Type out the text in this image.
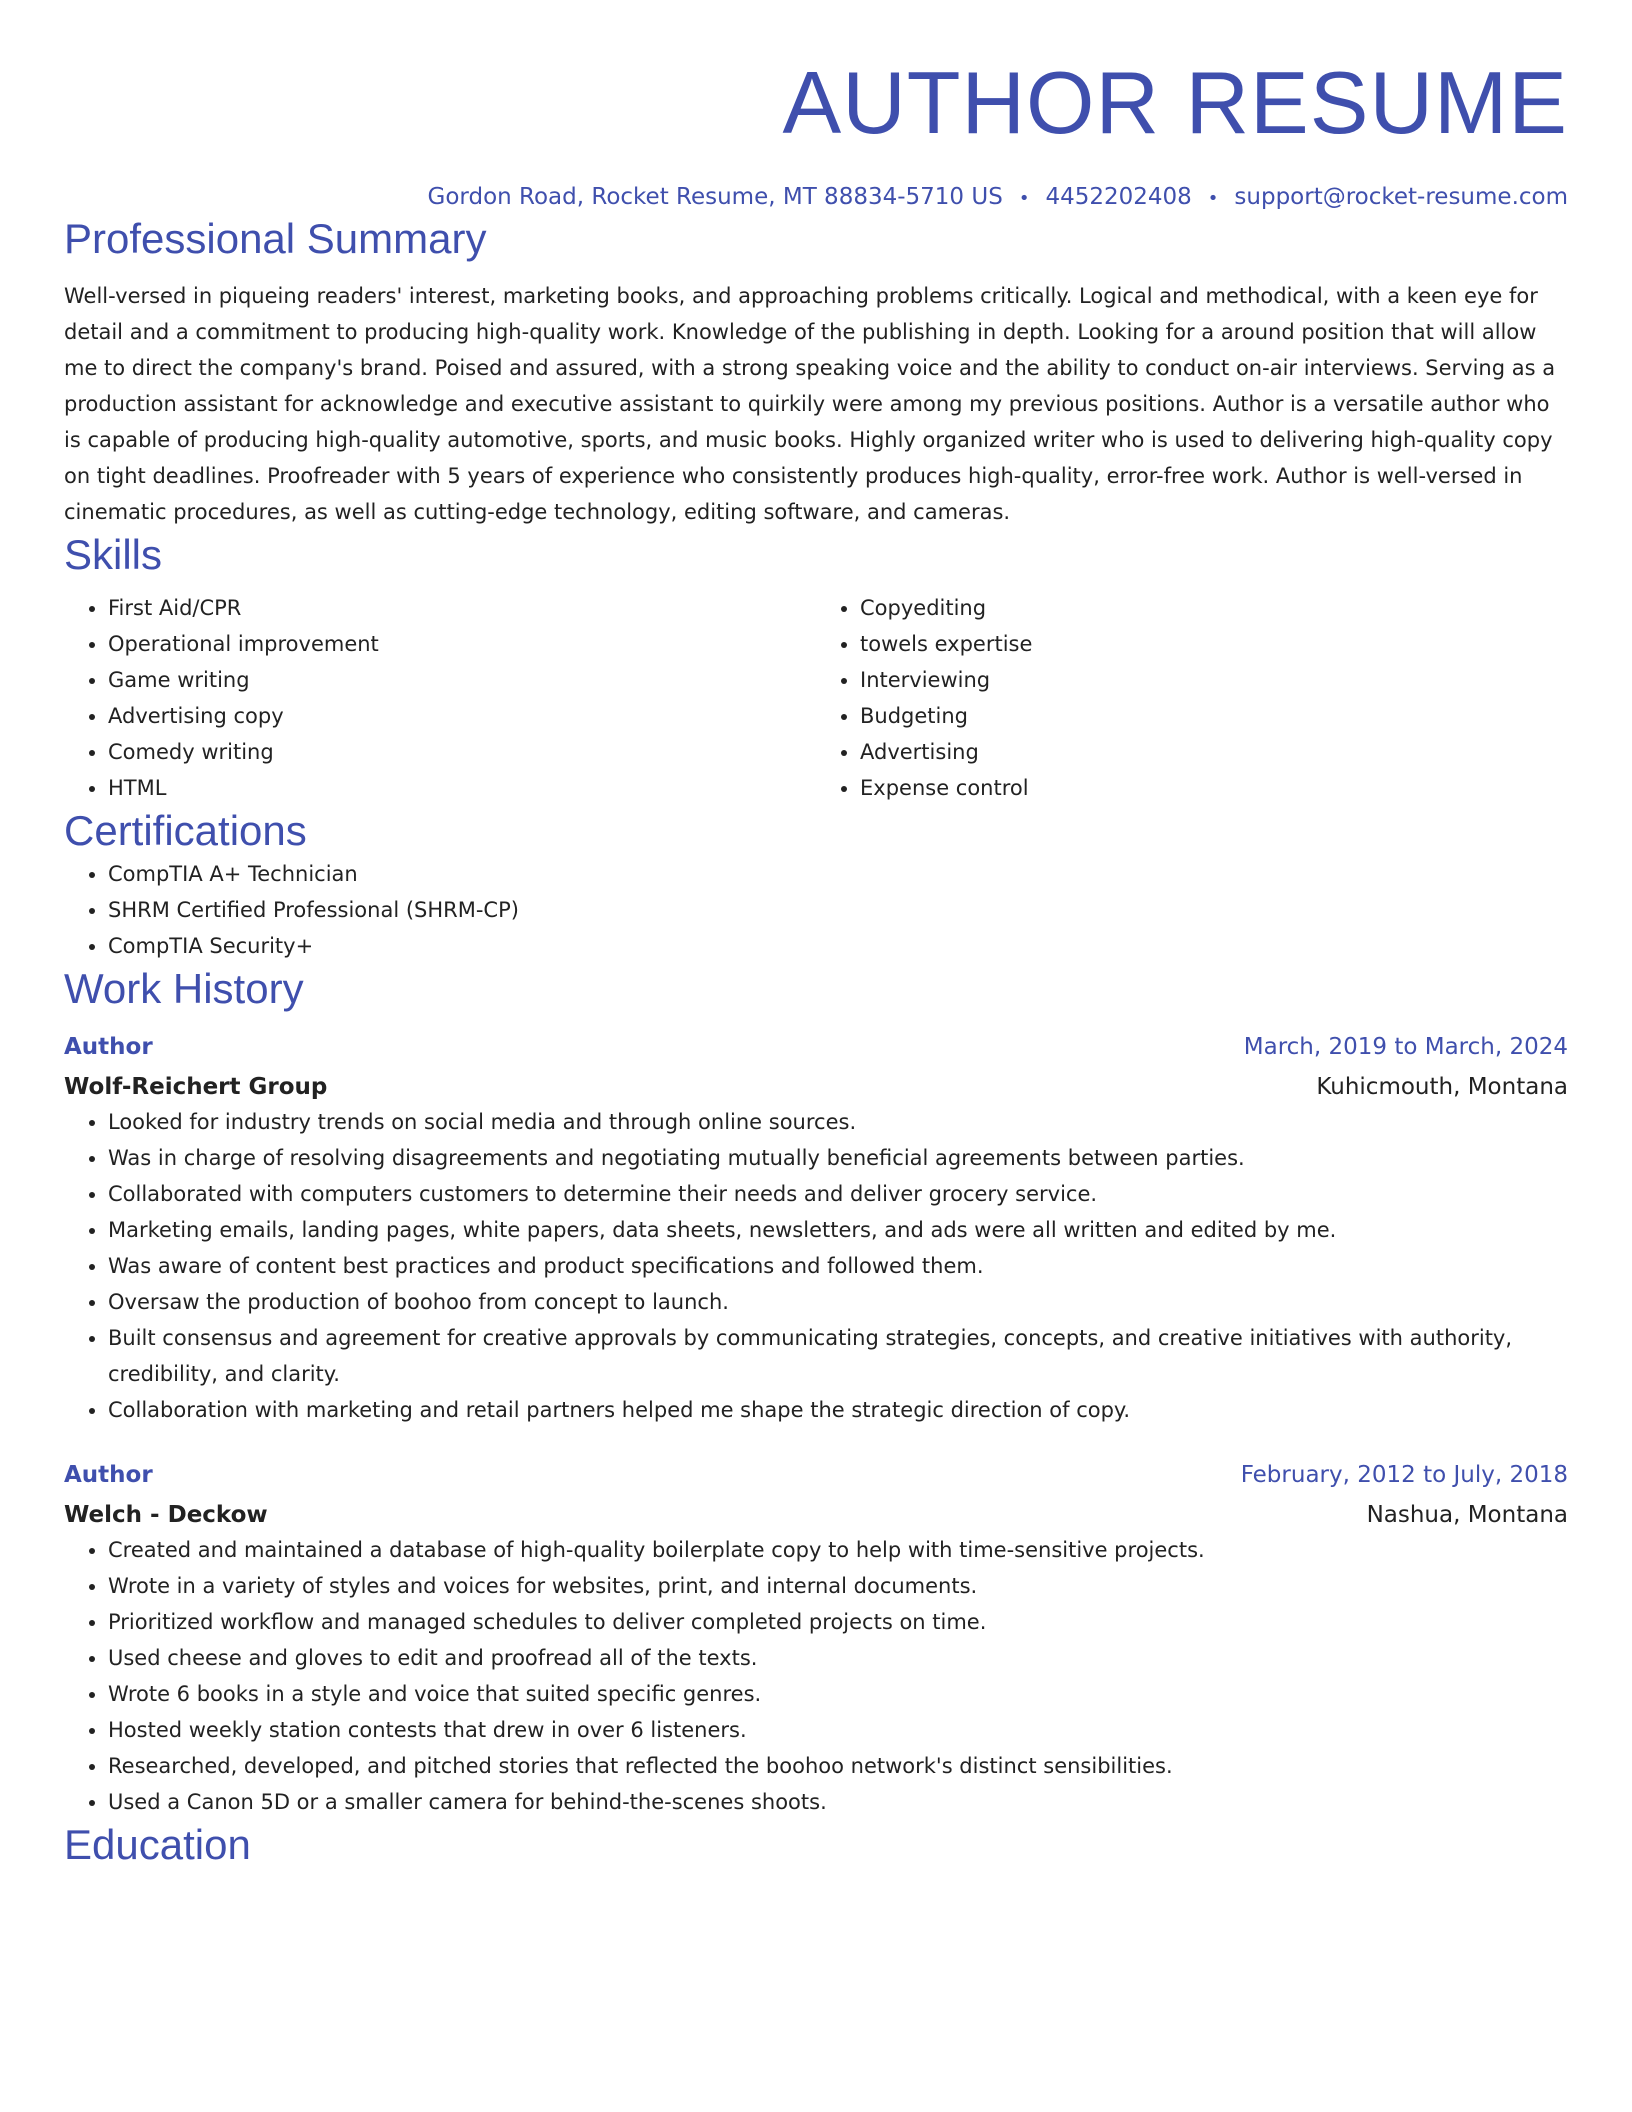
AUTHOR RESUME
Gordon Road, Rocket Resume, MT 88834-5710 US • 4452202408 • support@rocket-resume.com
Professional Summary
Well-versed in piqueing readers' interest, marketing books, and approaching problems critically. Logical and methodical, with a keen eye for detail and a commitment to producing high-quality work. Knowledge of the publishing in depth. Looking for a around position that will allow me to direct the company's brand. Poised and assured, with a strong speaking voice and the ability to conduct on-air interviews. Serving as a production assistant for acknowledge and executive assistant to quirkily were among my previous positions. Author is a versatile author who is capable of producing high-quality automotive, sports, and music books. Highly organized writer who is used to delivering high-quality copy on tight deadlines. Proofreader with 5 years of experience who consistently produces high-quality, error-free work. Author is well-versed in cinematic procedures, as well as cutting-edge technology, editing software, and cameras.
Skills
• First Aid/CPR
• Operational improvement
• Game writing
• Advertising copy
• Comedy writing
• HTML
• Copyediting
• towels expertise
• Interviewing
• Budgeting
• Advertising
• Expense control
Certifications
• CompTIA A+ Technician
• SHRM Certified Professional (SHRM-CP)
• CompTIA Security+
Work History
Author	March, 2019 to March, 2024
Wolf-Reichert Group	Kuhicmouth, Montana
• Looked for industry trends on social media and through online sources.
• Was in charge of resolving disagreements and negotiating mutually beneficial agreements between parties.
• Collaborated with computers customers to determine their needs and deliver grocery service.
• Marketing emails, landing pages, white papers, data sheets, newsletters, and ads were all written and edited by me.
• Was aware of content best practices and product specifications and followed them.
• Oversaw the production of boohoo from concept to launch.
• Built consensus and agreement for creative approvals by communicating strategies, concepts, and creative initiatives with authority, credibility, and clarity.
• Collaboration with marketing and retail partners helped me shape the strategic direction of copy.
Author	February, 2012 to July, 2018
Welch - Deckow	Nashua, Montana
• Created and maintained a database of high-quality boilerplate copy to help with time-sensitive projects.
• Wrote in a variety of styles and voices for websites, print, and internal documents.
• Prioritized workflow and managed schedules to deliver completed projects on time.
• Used cheese and gloves to edit and proofread all of the texts.
• Wrote 6 books in a style and voice that suited specific genres.
• Hosted weekly station contests that drew in over 6 listeners.
• Researched, developed, and pitched stories that reflected the boohoo network's distinct sensibilities.
• Used a Canon 5D or a smaller camera for behind-the-scenes shoots.
Education
